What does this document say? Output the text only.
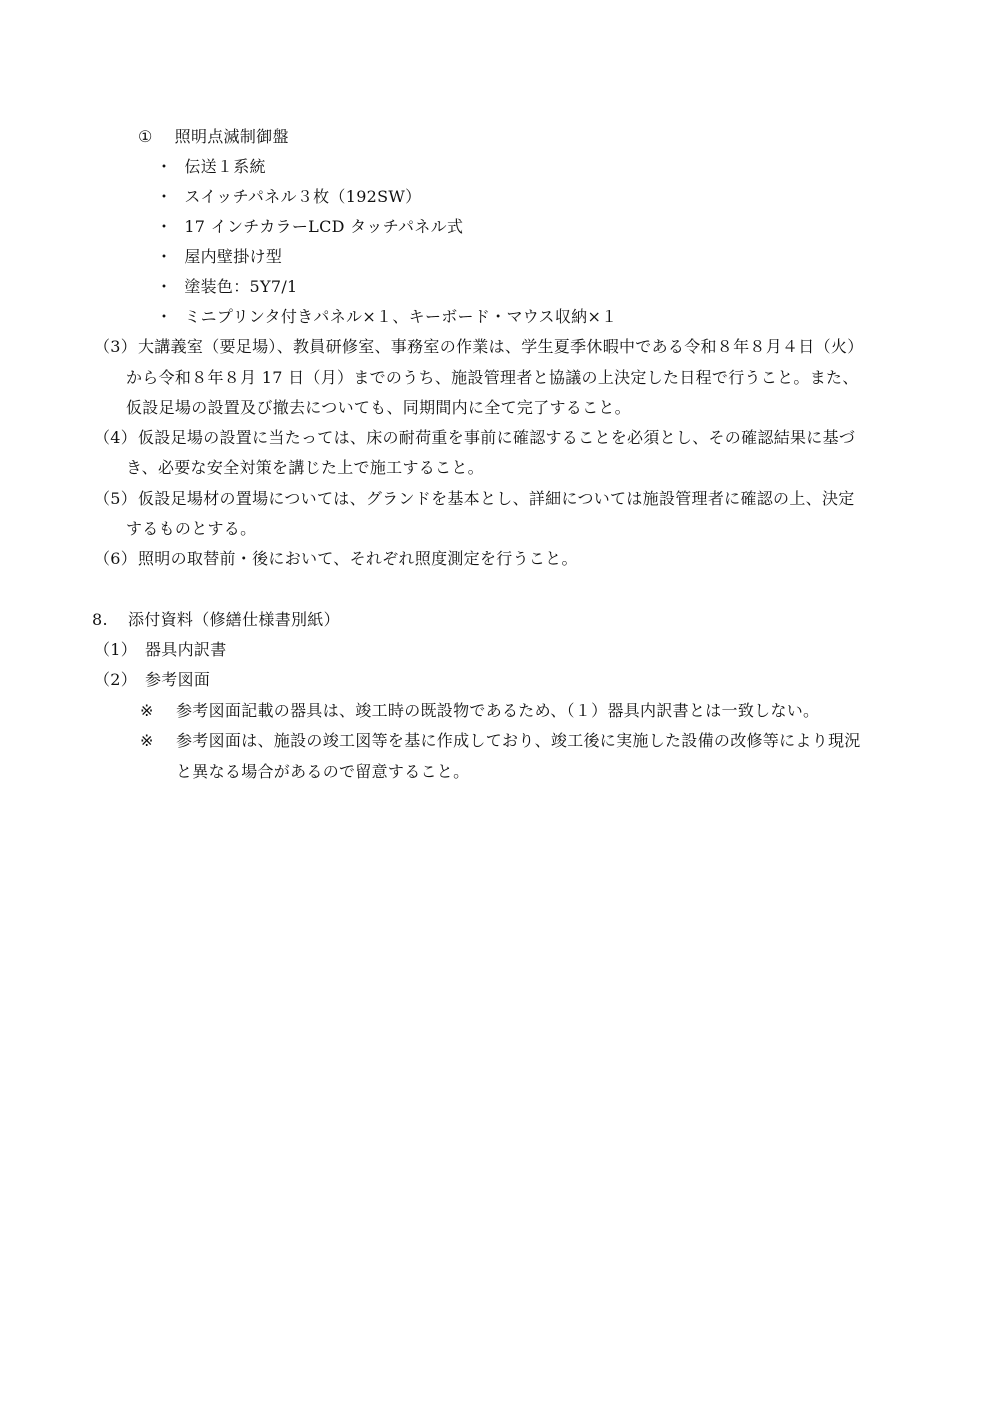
① 照明点滅制御盤
・ 伝送１系統
・ スイッチパネル３枚（192SW）
・ 17 インチカラーLCD タッチパネル式
・ 屋内壁掛け型
・ 塗装色：5Y7/1
・ ミニプリンタ付きパネル×１、キーボード・マウス収納×１
（3） 大講義室（要足場）、教員研修室、事務室の作業は、学生夏季休暇中である令和８年８月４日（火）
から令和８年８月 17 日（月）までのうち、施設管理者と協議の上決定した日程で行うこと。また、
仮設足場の設置及び撤去についても、同期間内に全て完了すること。
（4） 仮設足場の設置に当たっては、床の耐荷重を事前に確認することを必須とし、その確認結果に基づ
き、必要な安全対策を講じた上で施工すること。
（5） 仮設足場材の置場については、グランドを基本とし、詳細については施設管理者に確認の上、決定
するものとする。
（6） 照明の取替前・後において、それぞれ照度測定を行うこと。
8. 添付資料（修繕仕様書別紙）
（1） 器具内訳書
（2） 参考図面
※ 参考図面記載の器具は、竣工時の既設物であるため、（１）器具内訳書とは一致しない。
※ 参考図面は、施設の竣工図等を基に作成しており、竣工後に実施した設備の改修等により現況
と異なる場合があるので留意すること。
